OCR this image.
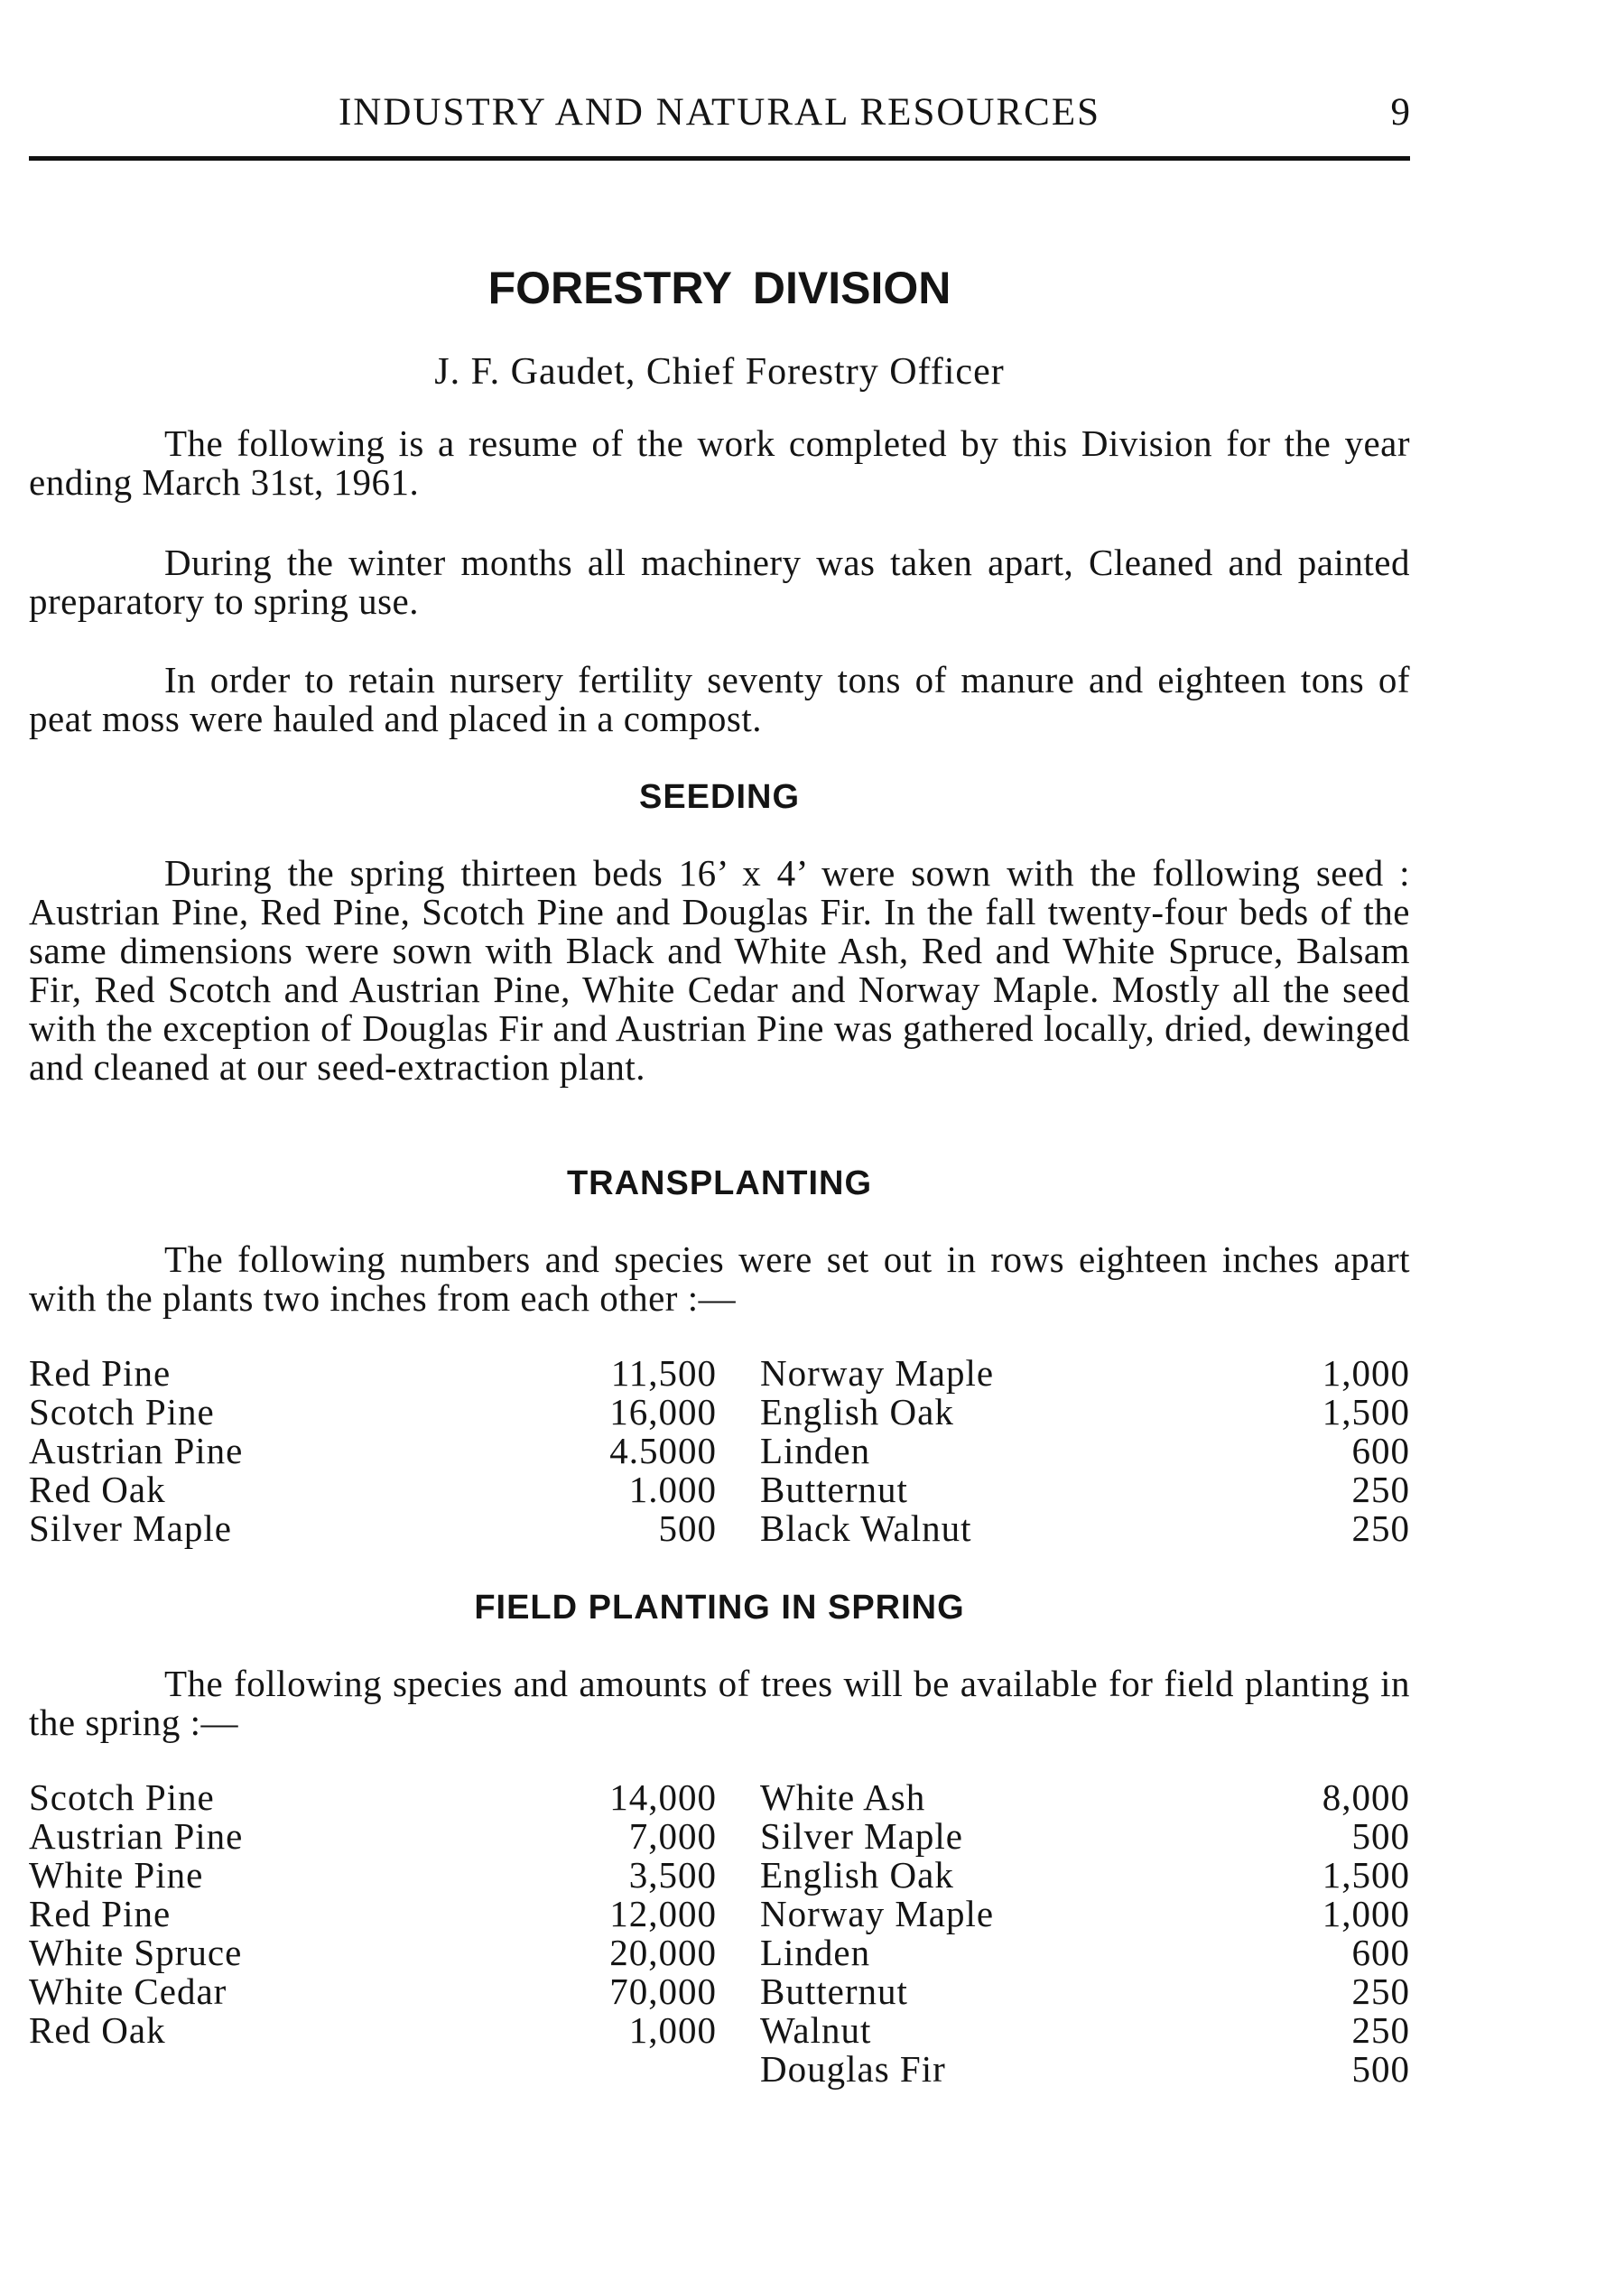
INDUSTRY AND NATURAL RESOURCES	9
FORESTRY DIVISION
J. F. Gaudet, Chief Forestry Officer

The following is a resume of the work completed by this Division for the year ending March 31st, 1961.

During the winter months all machinery was taken apart, Cleaned and painted preparatory to spring use.

In order to retain nursery fertility seventy tons of manure and eighteen tons of peat moss were hauled and placed in a compost.

SEEDING

During the spring thirteen beds 16’ x 4’ were sown with the following seed : Austrian Pine, Red Pine, Scotch Pine and Douglas Fir. In the fall twenty-four beds of the same dimensions were sown with Black and White Ash, Red and White Spruce, Balsam Fir, Red Scotch and Austrian Pine, White Cedar and Norway Maple. Mostly all the seed with the exception of Douglas Fir and Austrian Pine was gathered locally, dried, dewinged and cleaned at our seed-extraction plant.

TRANSPLANTING

The following numbers and species were set out in rows eighteen inches apart with the plants two inches from each other :—

Red Pine	11,500	Norway Maple	1,000
Scotch Pine	16,000	English Oak	1,500
Austrian Pine	4.5000	Linden	600
Red Oak	1.000	Butternut	250
Silver Maple	500	Black Walnut	250
FIELD PLANTING IN SPRING

The following species and amounts of trees will be available for field planting in the spring :—

Scotch Pine	14,000	White Ash	8,000
Austrian Pine	7,000	Silver Maple	500
White Pine	3,500	English Oak	1,500
Red Pine	12,000	Norway Maple	1,000
White Spruce	20,000	Linden	600
White Cedar	70,000	Butternut	250
Red Oak	1,000	Walnut	250
		Douglas Fir	500
